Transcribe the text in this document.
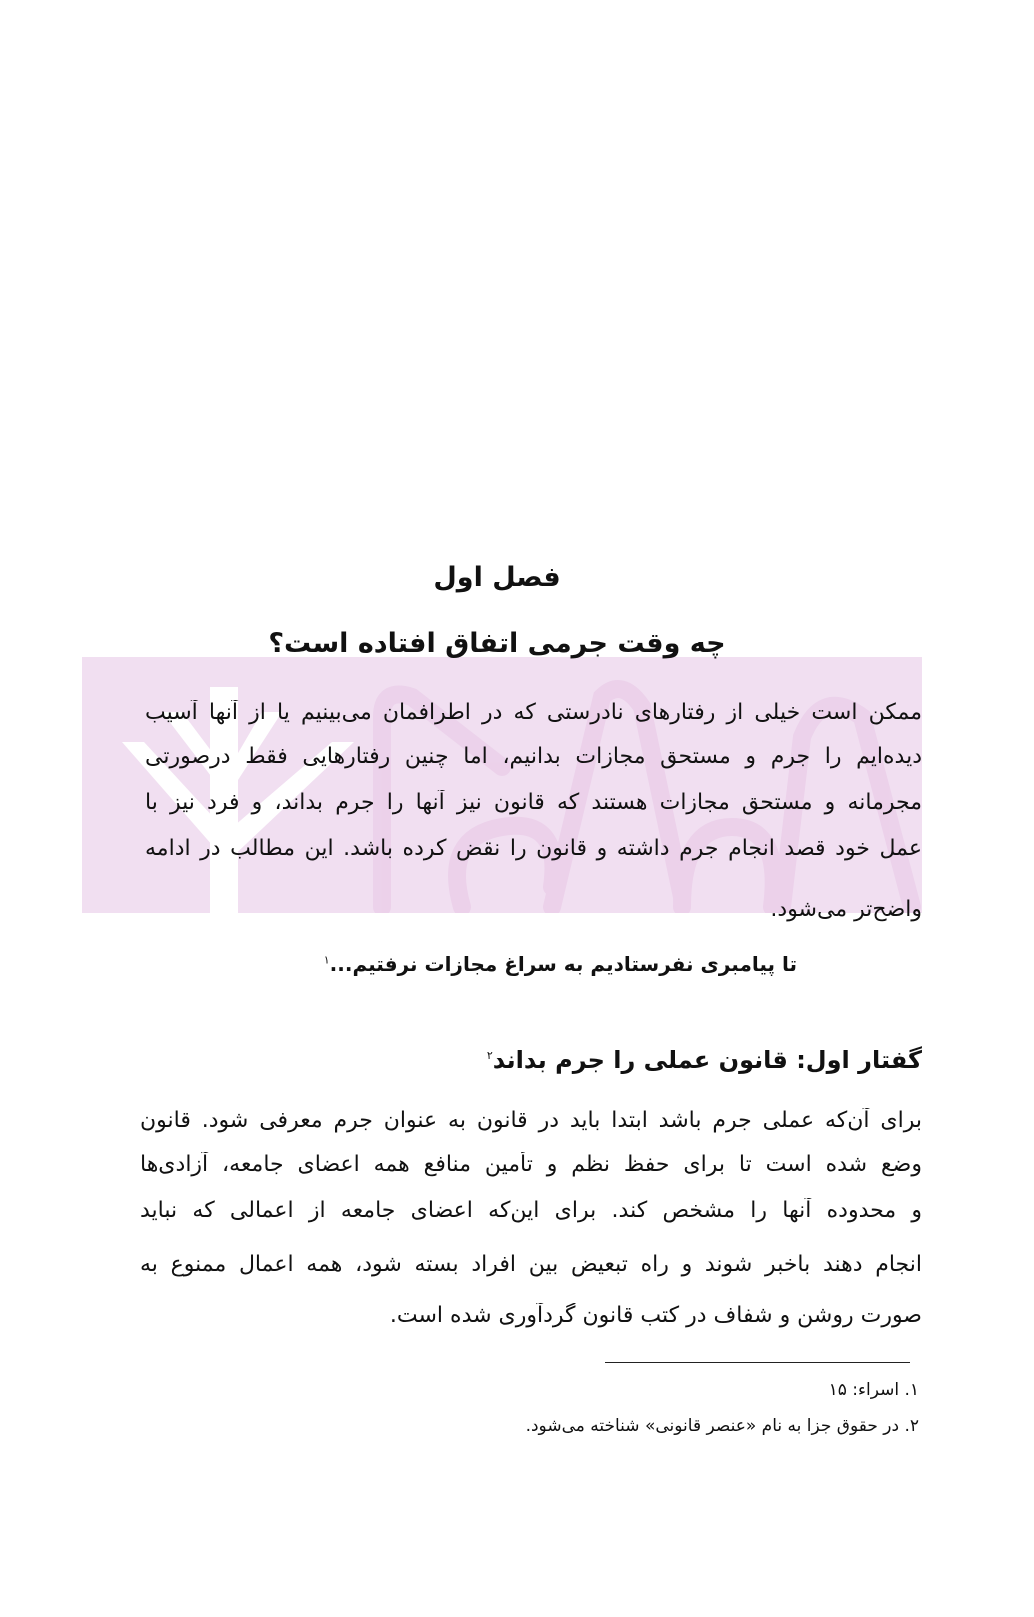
فصل اول
چه وقت جرمی اتفاق افتاده است؟
ممکن است خیلی از رفتارهای نادرستی که در اطرافمان می‌بینیم یا از آنها آسیب
دیده‌ایم را جرم و مستحق مجازات بدانیم، اما چنین رفتارهایی فقط درصورتی
مجرمانه و مستحق مجازات هستند که قانون نیز آنها را جرم بداند، و فرد نیز با
عمل خود قصد انجام جرم داشته و قانون را نقض کرده باشد. این مطالب در ادامه
واضح‌تر می‌شود.
تا پیامبری نفرستادیم به سراغ مجازات نرفتیم...$^۱$
گفتار اول: قانون عملی را جرم بداند$^۲$
برای آن‌که عملی جرم باشد ابتدا باید در قانون به عنوان جرم معرفی شود. قانون
وضع شده است تا برای حفظ نظم و تأمین منافع همه اعضای جامعه، آزادی‌ها
و محدوده آنها را مشخص کند. برای این‌که اعضای جامعه از اعمالی که نباید
انجام دهند باخبر شوند و راه تبعیض بین افراد بسته شود، همه اعمال ممنوع به
صورت روشن و شفاف در کتب قانون گردآوری شده است.
۱. اسراء: ۱۵
۲. در حقوق جزا به نام «عنصر قانونی» شناخته می‌شود.
